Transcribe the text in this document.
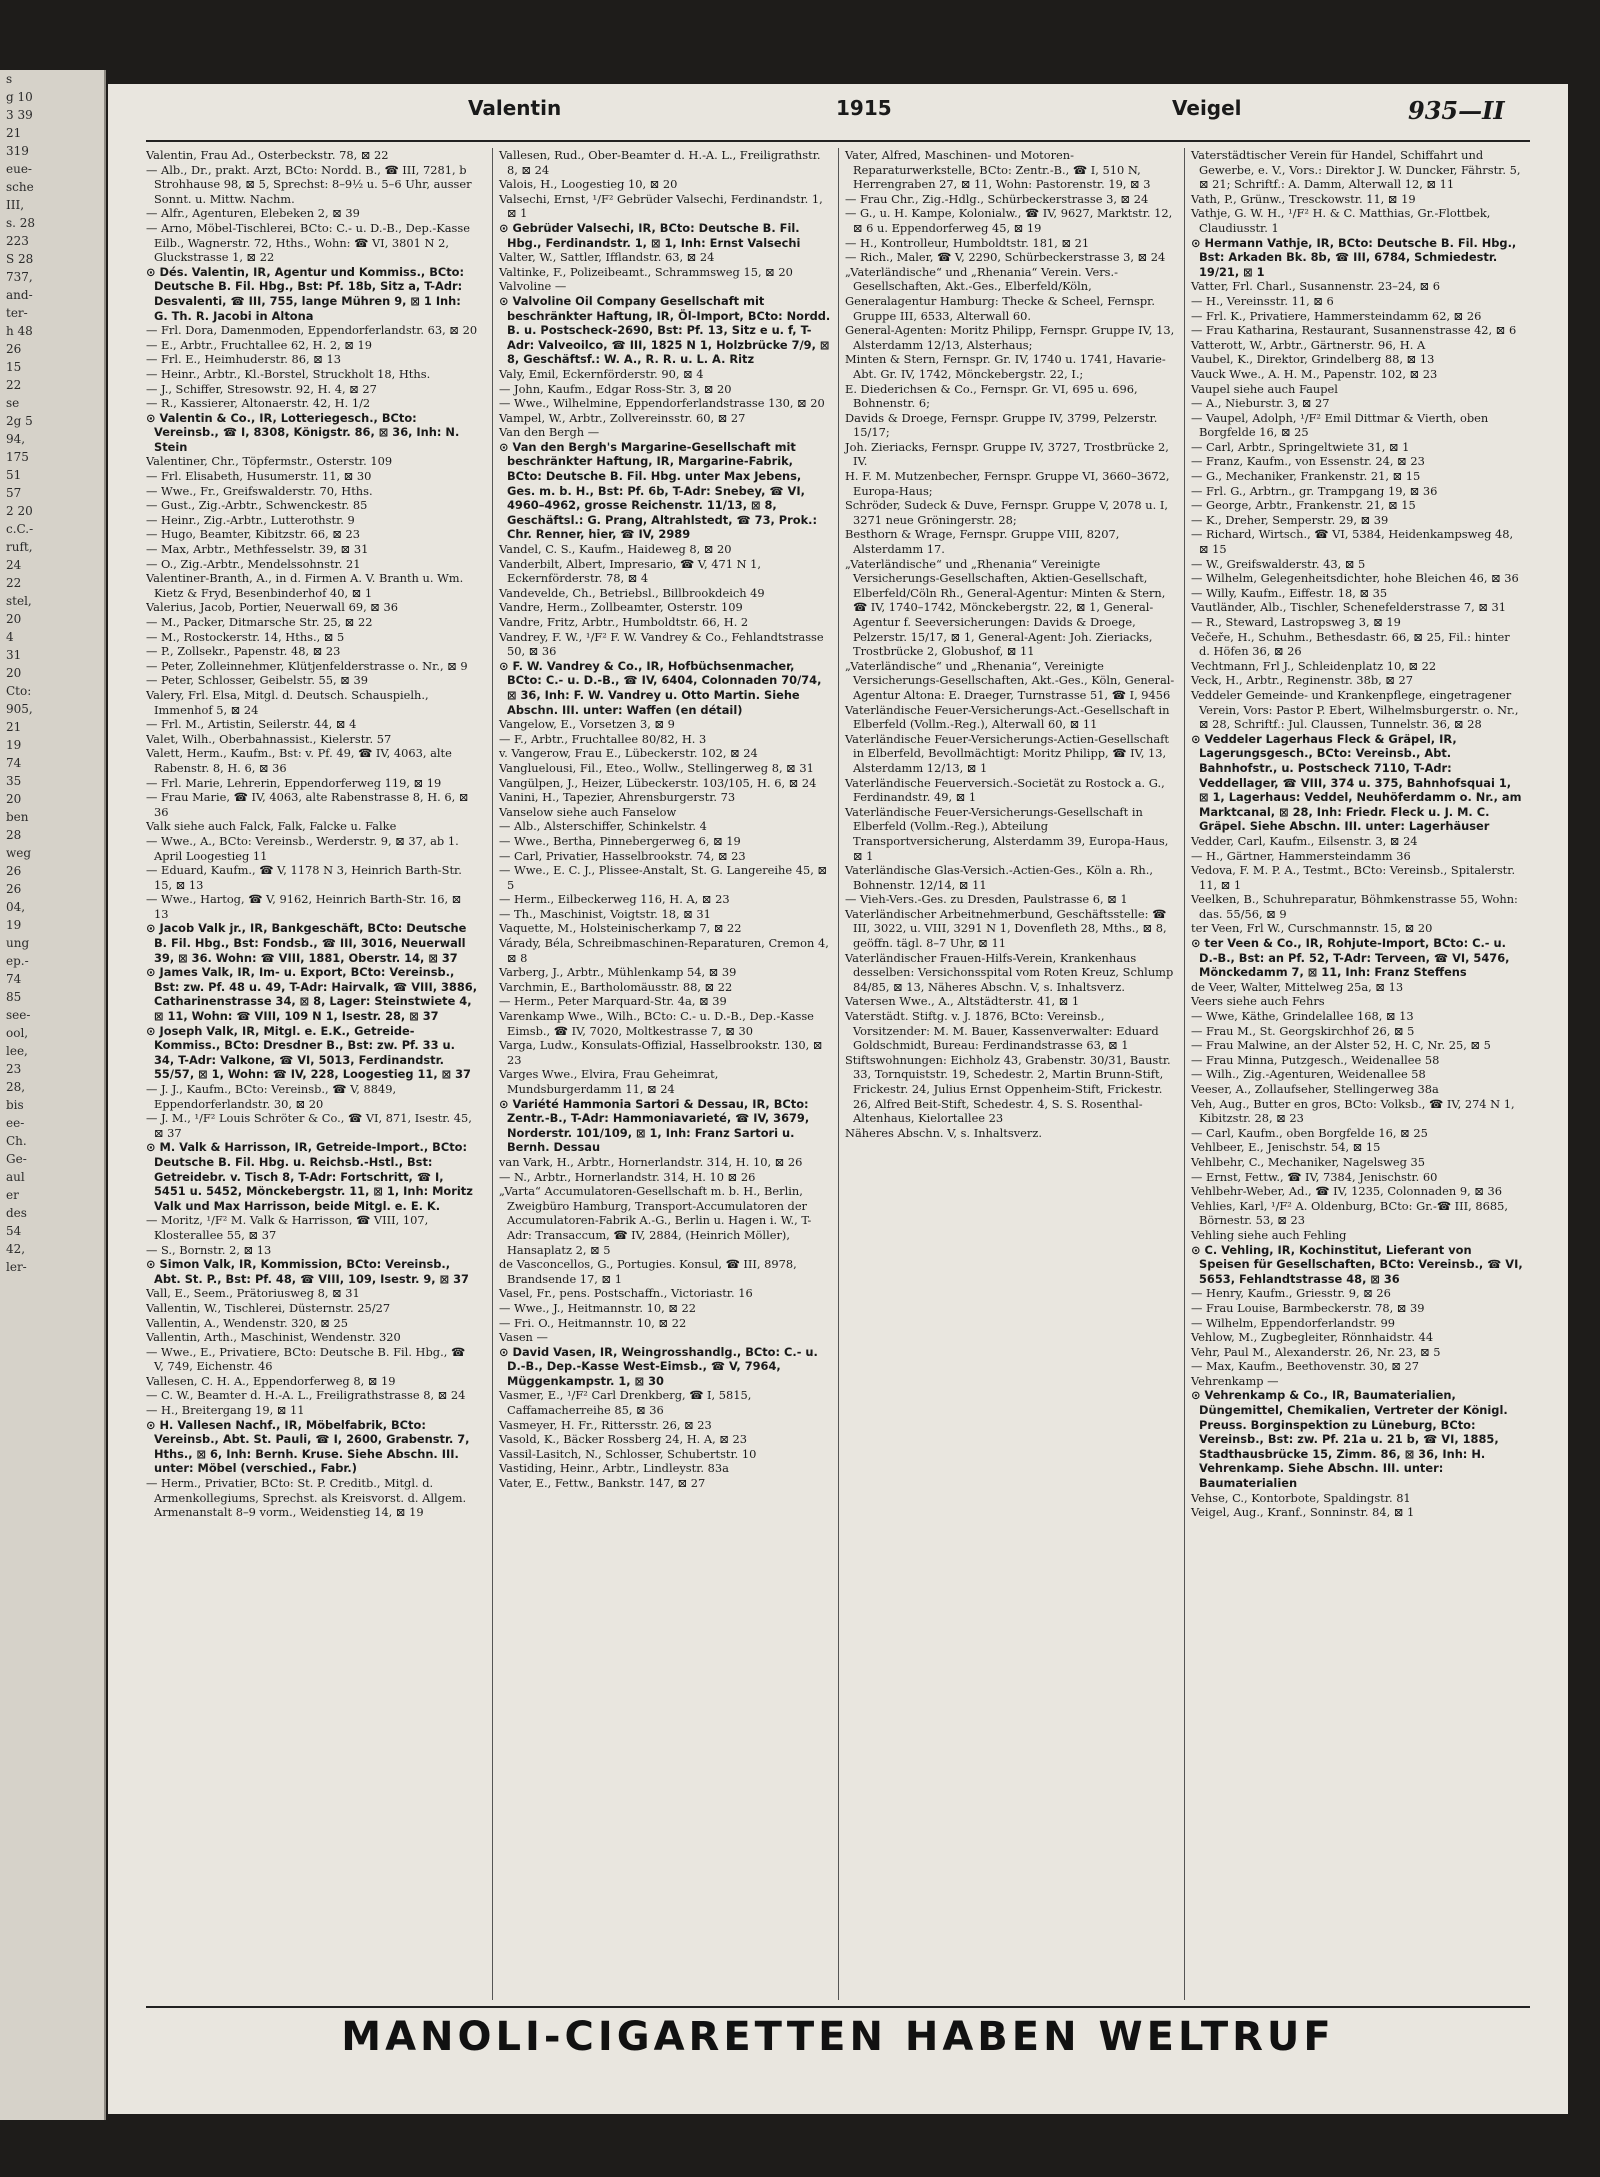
s
g 10
3 39
21
319
eue-
sche
III,
s. 28
223
S 28
737,
and-
ter-
h 48
26
15
22
se
2g 5
94,
175
51
57
2 20
c.C.-
ruft,
24
22
stel,
20
4
31
20
Cto:
905,
21
19
74
35
20
ben
28
weg
26
26
04,
19
ung
ep.-
74
85
see-
ool,
lee,
23
28,
bis
ee-
Ch.
Ge-
aul
er
des
54
42,
ler-
Valentin	1915	Veigel	935—II

Valentin, Frau Ad., Osterbeckstr. 78, ⊠ 22

— Alb., Dr., prakt. Arzt, BCto: Nordd. B., ☎ III, 7281, b Strohhause 98, ⊠ 5, Sprechst: 8–9½ u. 5–6 Uhr, ausser Sonnt. u. Mittw. Nachm.

— Alfr., Agenturen, Elebeken 2, ⊠ 39

— Arno, Möbel-Tischlerei, BCto: C.- u. D.-B., Dep.-Kasse Eilb., Wagnerstr. 72, Hths., Wohn: ☎ VI, 3801 N 2, Gluckstrasse 1, ⊠ 22

⊙ Dés. Valentin, IR, Agentur und Kommiss., BCto: Deutsche B. Fil. Hbg., Bst: Pf. 18b, Sitz a, T-Adr: Desvalenti, ☎ III, 755, lange Mühren 9, ⊠ 1 Inh: G. Th. R. Jacobi in Altona

— Frl. Dora, Damenmoden, Eppendorferlandstr. 63, ⊠ 20

— E., Arbtr., Fruchtallee 62, H. 2, ⊠ 19

— Frl. E., Heimhuderstr. 86, ⊠ 13

— Heinr., Arbtr., Kl.-Borstel, Struckholt 18, Hths.

— J., Schiffer, Stresowstr. 92, H. 4, ⊠ 27

— R., Kassierer, Altonaerstr. 42, H. 1/2

⊙ Valentin & Co., IR, Lotteriegesch., BCto: Vereinsb., ☎ I, 8308, Königstr. 86, ⊠ 36, Inh: N. Stein

Valentiner, Chr., Töpfermstr., Osterstr. 109

— Frl. Elisabeth, Husumerstr. 11, ⊠ 30

— Wwe., Fr., Greifswalderstr. 70, Hths.

— Gust., Zig.-Arbtr., Schwenckestr. 85

— Heinr., Zig.-Arbtr., Lutterothstr. 9

— Hugo, Beamter, Kibitzstr. 66, ⊠ 23

— Max, Arbtr., Methfesselstr. 39, ⊠ 31

— O., Zig.-Arbtr., Mendelssohnstr. 21

Valentiner-Branth, A., in d. Firmen A. V. Branth u. Wm. Kietz & Fryd, Besenbinderhof 40, ⊠ 1

Valerius, Jacob, Portier, Neuerwall 69, ⊠ 36

— M., Packer, Ditmarsche Str. 25, ⊠ 22

— M., Rostockerstr. 14, Hths., ⊠ 5

— P., Zollsekr., Papenstr. 48, ⊠ 23

— Peter, Zolleinnehmer, Klütjenfelderstrasse o. Nr., ⊠ 9

— Peter, Schlosser, Geibelstr. 55, ⊠ 39

Valery, Frl. Elsa, Mitgl. d. Deutsch. Schauspielh., Immenhof 5, ⊠ 24

— Frl. M., Artistin, Seilerstr. 44, ⊠ 4

Valet, Wilh., Oberbahnassist., Kielerstr. 57

Valett, Herm., Kaufm., Bst: v. Pf. 49, ☎ IV, 4063, alte Rabenstr. 8, H. 6, ⊠ 36

— Frl. Marie, Lehrerin, Eppendorferweg 119, ⊠ 19

— Frau Marie, ☎ IV, 4063, alte Rabenstrasse 8, H. 6, ⊠ 36

Valk siehe auch Falck, Falk, Falcke u. Falke

— Wwe., A., BCto: Vereinsb., Werderstr. 9, ⊠ 37, ab 1. April Loogestieg 11

— Eduard, Kaufm., ☎ V, 1178 N 3, Heinrich Barth-Str. 15, ⊠ 13

— Wwe., Hartog, ☎ V, 9162, Heinrich Barth-Str. 16, ⊠ 13

⊙ Jacob Valk jr., IR, Bankgeschäft, BCto: Deutsche B. Fil. Hbg., Bst: Fondsb., ☎ III, 3016, Neuerwall 39, ⊠ 36. Wohn: ☎ VIII, 1881, Oberstr. 14, ⊠ 37

⊙ James Valk, IR, Im- u. Export, BCto: Vereinsb., Bst: zw. Pf. 48 u. 49, T-Adr: Hairvalk, ☎ VIII, 3886, Catharinenstrasse 34, ⊠ 8, Lager: Steinstwiete 4, ⊠ 11, Wohn: ☎ VIII, 109 N 1, Isestr. 28, ⊠ 37

⊙ Joseph Valk, IR, Mitgl. e. E.K., Getreide-Kommiss., BCto: Dresdner B., Bst: zw. Pf. 33 u. 34, T-Adr: Valkone, ☎ VI, 5013, Ferdinandstr. 55/57, ⊠ 1, Wohn: ☎ IV, 228, Loogestieg 11, ⊠ 37

— J. J., Kaufm., BCto: Vereinsb., ☎ V, 8849, Eppendorferlandstr. 30, ⊠ 20

— J. M., ¹/F² Louis Schröter & Co., ☎ VI, 871, Isestr. 45, ⊠ 37

⊙ M. Valk & Harrisson, IR, Getreide-Import., BCto: Deutsche B. Fil. Hbg. u. Reichsb.-Hstl., Bst: Getreidebr. v. Tisch 8, T-Adr: Fortschritt, ☎ I, 5451 u. 5452, Mönckebergstr. 11, ⊠ 1, Inh: Moritz Valk und Max Harrisson, beide Mitgl. e. E. K.

— Moritz, ¹/F² M. Valk & Harrisson, ☎ VIII, 107, Klosterallee 55, ⊠ 37

— S., Bornstr. 2, ⊠ 13

⊙ Simon Valk, IR, Kommission, BCto: Vereinsb., Abt. St. P., Bst: Pf. 48, ☎ VIII, 109, Isestr. 9, ⊠ 37

Vall, E., Seem., Prätoriusweg 8, ⊠ 31

Vallentin, W., Tischlerei, Düsternstr. 25/27

Vallentin, A., Wendenstr. 320, ⊠ 25

Vallentin, Arth., Maschinist, Wendenstr. 320

— Wwe., E., Privatiere, BCto: Deutsche B. Fil. Hbg., ☎ V, 749, Eichenstr. 46

Vallesen, C. H. A., Eppendorferweg 8, ⊠ 19

— C. W., Beamter d. H.-A. L., Freiligrathstrasse 8, ⊠ 24

— H., Breitergang 19, ⊠ 11

⊙ H. Vallesen Nachf., IR, Möbelfabrik, BCto: Vereinsb., Abt. St. Pauli, ☎ I, 2600, Grabenstr. 7, Hths., ⊠ 6, Inh: Bernh. Kruse. Siehe Abschn. III. unter: Möbel (verschied., Fabr.)

— Herm., Privatier, BCto: St. P. Creditb., Mitgl. d. Armenkollegiums, Sprechst. als Kreisvorst. d. Allgem. Armenanstalt 8–9 vorm., Weidenstieg 14, ⊠ 19

Vallesen, Rud., Ober-Beamter d. H.-A. L., Freiligrathstr. 8, ⊠ 24

Valois, H., Loogestieg 10, ⊠ 20

Valsechi, Ernst, ¹/F² Gebrüder Valsechi, Ferdinandstr. 1, ⊠ 1

⊙ Gebrüder Valsechi, IR, BCto: Deutsche B. Fil. Hbg., Ferdinandstr. 1, ⊠ 1, Inh: Ernst Valsechi

Valter, W., Sattler, Ifflandstr. 63, ⊠ 24

Valtinke, F., Polizeibeamt., Schrammsweg 15, ⊠ 20

Valvoline —

⊙ Valvoline Oil Company Gesellschaft mit beschränkter Haftung, IR, Öl-Import, BCto: Nordd. B. u. Postscheck-2690, Bst: Pf. 13, Sitz e u. f, T-Adr: Valveoilco, ☎ III, 1825 N 1, Holzbrücke 7/9, ⊠ 8, Geschäftsf.: W. A., R. R. u. L. A. Ritz

Valy, Emil, Eckernförderstr. 90, ⊠ 4

— John, Kaufm., Edgar Ross-Str. 3, ⊠ 20

— Wwe., Wilhelmine, Eppendorferlandstrasse 130, ⊠ 20

Vampel, W., Arbtr., Zollvereinsstr. 60, ⊠ 27

Van den Bergh —

⊙ Van den Bergh's Margarine-Gesellschaft mit beschränkter Haftung, IR, Margarine-Fabrik, BCto: Deutsche B. Fil. Hbg. unter Max Jebens, Ges. m. b. H., Bst: Pf. 6b, T-Adr: Snebey, ☎ VI, 4960–4962, grosse Reichenstr. 11/13, ⊠ 8, Geschäftsl.: G. Prang, Altrahlstedt, ☎ 73, Prok.: Chr. Renner, hier, ☎ IV, 2989

Vandel, C. S., Kaufm., Haideweg 8, ⊠ 20

Vanderbilt, Albert, Impresario, ☎ V, 471 N 1, Eckernförderstr. 78, ⊠ 4

Vandevelde, Ch., Betriebsl., Billbrookdeich 49

Vandre, Herm., Zollbeamter, Osterstr. 109

Vandre, Fritz, Arbtr., Humboldtstr. 66, H. 2

Vandrey, F. W., ¹/F² F. W. Vandrey & Co., Fehlandtstrasse 50, ⊠ 36

⊙ F. W. Vandrey & Co., IR, Hofbüchsenmacher, BCto: C.- u. D.-B., ☎ IV, 6404, Colonnaden 70/74, ⊠ 36, Inh: F. W. Vandrey u. Otto Martin. Siehe Abschn. III. unter: Waffen (en détail)

Vangelow, E., Vorsetzen 3, ⊠ 9

— F., Arbtr., Fruchtallee 80/82, H. 3

v. Vangerow, Frau E., Lübeckerstr. 102, ⊠ 24

Vangluelousi, Fil., Eteo., Wollw., Stellingerweg 8, ⊠ 31

Vangülpen, J., Heizer, Lübeckerstr. 103/105, H. 6, ⊠ 24

Vanini, H., Tapezier, Ahrensburgerstr. 73

Vanselow siehe auch Fanselow

— Alb., Alsterschiffer, Schinkelstr. 4

— Wwe., Bertha, Pinnebergerweg 6, ⊠ 19

— Carl, Privatier, Hasselbrookstr. 74, ⊠ 23

— Wwe., E. C. J., Plissee-Anstalt, St. G. Langereihe 45, ⊠ 5

— Herm., Eilbeckerweg 116, H. A, ⊠ 23

— Th., Maschinist, Voigtstr. 18, ⊠ 31

Vaquette, M., Holsteinischerkamp 7, ⊠ 22

Várady, Béla, Schreibmaschinen-Reparaturen, Cremon 4, ⊠ 8

Varberg, J., Arbtr., Mühlenkamp 54, ⊠ 39

Varchmin, E., Bartholomäusstr. 88, ⊠ 22

— Herm., Peter Marquard-Str. 4a, ⊠ 39

Varenkamp Wwe., Wilh., BCto: C.- u. D.-B., Dep.-Kasse Eimsb., ☎ IV, 7020, Moltkestrasse 7, ⊠ 30

Varga, Ludw., Konsulats-Offizial, Hasselbrookstr. 130, ⊠ 23

Varges Wwe., Elvira, Frau Geheimrat, Mundsburgerdamm 11, ⊠ 24

⊙ Variété Hammonia Sartori & Dessau, IR, BCto: Zentr.-B., T-Adr: Hammoniavarieté, ☎ IV, 3679, Norderstr. 101/109, ⊠ 1, Inh: Franz Sartori u. Bernh. Dessau

van Vark, H., Arbtr., Hornerlandstr. 314, H. 10, ⊠ 26

— N., Arbtr., Hornerlandstr. 314, H. 10 ⊠ 26

„Varta“ Accumulatoren-Gesellschaft m. b. H., Berlin, Zweigbüro Hamburg, Transport-Accumulatoren der Accumulatoren-Fabrik A.-G., Berlin u. Hagen i. W., T-Adr: Transaccum, ☎ IV, 2884, (Heinrich Möller), Hansaplatz 2, ⊠ 5

de Vasconcellos, G., Portugies. Konsul, ☎ III, 8978, Brandsende 17, ⊠ 1

Vasel, Fr., pens. Postschaffn., Victoriastr. 16

— Wwe., J., Heitmannstr. 10, ⊠ 22

— Fri. O., Heitmannstr. 10, ⊠ 22

Vasen —

⊙ David Vasen, IR, Weingrosshandlg., BCto: C.- u. D.-B., Dep.-Kasse West-Eimsb., ☎ V, 7964, Müggenkampstr. 1, ⊠ 30

Vasmer, E., ¹/F² Carl Drenkberg, ☎ I, 5815, Caffamacherreihe 85, ⊠ 36

Vasmeyer, H. Fr., Rittersstr. 26, ⊠ 23

Vasold, K., Bäcker Rossberg 24, H. A, ⊠ 23

Vassil-Lasitch, N., Schlosser, Schubertstr. 10

Vastiding, Heinr., Arbtr., Lindleystr. 83a

Vater, E., Fettw., Bankstr. 147, ⊠ 27

Vater, Alfred, Maschinen- und Motoren-Reparaturwerkstelle, BCto: Zentr.-B., ☎ I, 510 N, Herrengraben 27, ⊠ 11, Wohn: Pastorenstr. 19, ⊠ 3

— Frau Chr., Zig.-Hdlg., Schürbeckerstrasse 3, ⊠ 24

— G., u. H. Kampe, Kolonialw., ☎ IV, 9627, Marktstr. 12, ⊠ 6 u. Eppendorferweg 45, ⊠ 19

— H., Kontrolleur, Humboldtstr. 181, ⊠ 21

— Rich., Maler, ☎ V, 2290, Schürbeckerstrasse 3, ⊠ 24

„Vaterländische“ und „Rhenania“ Verein. Vers.-Gesellschaften, Akt.-Ges., Elberfeld/Köln,

Generalagentur Hamburg: Thecke & Scheel, Fernspr. Gruppe III, 6533, Alterwall 60.

General-Agenten: Moritz Philipp, Fernspr. Gruppe IV, 13, Alsterdamm 12/13, Alsterhaus;

Minten & Stern, Fernspr. Gr. IV, 1740 u. 1741, Havarie-Abt. Gr. IV, 1742, Mönckebergstr. 22, I.;

E. Diederichsen & Co., Fernspr. Gr. VI, 695 u. 696, Bohnenstr. 6;

Davids & Droege, Fernspr. Gruppe IV, 3799, Pelzerstr. 15/17;

Joh. Zieriacks, Fernspr. Gruppe IV, 3727, Trostbrücke 2, IV.

H. F. M. Mutzenbecher, Fernspr. Gruppe VI, 3660–3672, Europa-Haus;

Schröder, Sudeck & Duve, Fernspr. Gruppe V, 2078 u. I, 3271 neue Gröningerstr. 28;

Besthorn & Wrage, Fernspr. Gruppe VIII, 8207, Alsterdamm 17.

„Vaterländische“ und „Rhenania“ Vereinigte Versicherungs-Gesellschaften, Aktien-Gesellschaft, Elberfeld/Cöln Rh., General-Agentur: Minten & Stern, ☎ IV, 1740–1742, Mönckebergstr. 22, ⊠ 1, General-Agentur f. Seeversicherungen: Davids & Droege, Pelzerstr. 15/17, ⊠ 1, General-Agent: Joh. Zieriacks, Trostbrücke 2, Globushof, ⊠ 11

„Vaterländische“ und „Rhenania“, Vereinigte Versicherungs-Gesellschaften, Akt.-Ges., Köln, General-Agentur Altona: E. Draeger, Turnstrasse 51, ☎ I, 9456

Vaterländische Feuer-Versicherungs-Act.-Gesellschaft in Elberfeld (Vollm.-Reg.), Alterwall 60, ⊠ 11

Vaterländische Feuer-Versicherungs-Actien-Gesellschaft in Elberfeld, Bevollmächtigt: Moritz Philipp, ☎ IV, 13, Alsterdamm 12/13, ⊠ 1

Vaterländische Feuerversich.-Societät zu Rostock a. G., Ferdinandstr. 49, ⊠ 1

Vaterländische Feuer-Versicherungs-Gesellschaft in Elberfeld (Vollm.-Reg.), Abteilung Transportversicherung, Alsterdamm 39, Europa-Haus, ⊠ 1

Vaterländische Glas-Versich.-Actien-Ges., Köln a. Rh., Bohnenstr. 12/14, ⊠ 11

— Vieh-Vers.-Ges. zu Dresden, Paulstrasse 6, ⊠ 1

Vaterländischer Arbeitnehmerbund, Geschäftsstelle: ☎ III, 3022, u. VIII, 3291 N 1, Dovenfleth 28, Mths., ⊠ 8, geöffn. tägl. 8–7 Uhr, ⊠ 11

Vaterländischer Frauen-Hilfs-Verein, Krankenhaus desselben: Versichonsspital vom Roten Kreuz, Schlump 84/85, ⊠ 13, Näheres Abschn. V, s. Inhaltsverz.

Vatersen Wwe., A., Altstädterstr. 41, ⊠ 1

Vaterstädt. Stiftg. v. J. 1876, BCto: Vereinsb., Vorsitzender: M. M. Bauer, Kassenverwalter: Eduard Goldschmidt, Bureau: Ferdinandstrasse 63, ⊠ 1

Stiftswohnungen: Eichholz 43, Grabenstr. 30/31, Baustr. 33, Tornquiststr. 19, Schedestr. 2, Martin Brunn-Stift, Frickestr. 24, Julius Ernst Oppenheim-Stift, Frickestr. 26, Alfred Beit-Stift, Schedestr. 4, S. S. Rosenthal-Altenhaus, Kielortallee 23

Näheres Abschn. V, s. Inhaltsverz.

Vaterstädtischer Verein für Handel, Schiffahrt und Gewerbe, e. V., Vors.: Direktor J. W. Duncker, Fährstr. 5, ⊠ 21; Schriftf.: A. Damm, Alterwall 12, ⊠ 11

Vath, P., Grünw., Tresckowstr. 11, ⊠ 19

Vathje, G. W. H., ¹/F² H. & C. Matthias, Gr.-Flottbek, Claudiusstr. 1

⊙ Hermann Vathje, IR, BCto: Deutsche B. Fil. Hbg., Bst: Arkaden Bk. 8b, ☎ III, 6784, Schmiedestr. 19/21, ⊠ 1

Vatter, Frl. Charl., Susannenstr. 23–24, ⊠ 6

— H., Vereinsstr. 11, ⊠ 6

— Frl. K., Privatiere, Hammersteindamm 62, ⊠ 26

— Frau Katharina, Restaurant, Susannenstrasse 42, ⊠ 6

Vatterott, W., Arbtr., Gärtnerstr. 96, H. A

Vaubel, K., Direktor, Grindelberg 88, ⊠ 13

Vauck Wwe., A. H. M., Papenstr. 102, ⊠ 23

Vaupel siehe auch Faupel

— A., Nieburstr. 3, ⊠ 27

— Vaupel, Adolph, ¹/F² Emil Dittmar & Vierth, oben Borgfelde 16, ⊠ 25

— Carl, Arbtr., Springeltwiete 31, ⊠ 1

— Franz, Kaufm., von Essenstr. 24, ⊠ 23

— G., Mechaniker, Frankenstr. 21, ⊠ 15

— Frl. G., Arbtrn., gr. Trampgang 19, ⊠ 36

— George, Arbtr., Frankenstr. 21, ⊠ 15

— K., Dreher, Semperstr. 29, ⊠ 39

— Richard, Wirtsch., ☎ VI, 5384, Heidenkampsweg 48, ⊠ 15

— W., Greifswalderstr. 43, ⊠ 5

— Wilhelm, Gelegenheitsdichter, hohe Bleichen 46, ⊠ 36

— Willy, Kaufm., Eiffestr. 18, ⊠ 35

Vautländer, Alb., Tischler, Schenefelderstrasse 7, ⊠ 31

— R., Steward, Lastropsweg 3, ⊠ 19

Večeře, H., Schuhm., Bethesdastr. 66, ⊠ 25, Fil.: hinter d. Höfen 36, ⊠ 26

Vechtmann, Frl J., Schleidenplatz 10, ⊠ 22

Veck, H., Arbtr., Reginenstr. 38b, ⊠ 27

Veddeler Gemeinde- und Krankenpflege, eingetragener Verein, Vors: Pastor P. Ebert, Wilhelmsburgerstr. o. Nr., ⊠ 28, Schriftf.: Jul. Claussen, Tunnelstr. 36, ⊠ 28

⊙ Veddeler Lagerhaus Fleck & Gräpel, IR, Lagerungsgesch., BCto: Vereinsb., Abt. Bahnhofstr., u. Postscheck 7110, T-Adr: Veddellager, ☎ VIII, 374 u. 375, Bahnhofsquai 1, ⊠ 1, Lagerhaus: Veddel, Neuhöferdamm o. Nr., am Marktcanal, ⊠ 28, Inh: Friedr. Fleck u. J. M. C. Gräpel. Siehe Abschn. III. unter: Lagerhäuser

Vedder, Carl, Kaufm., Eilsenstr. 3, ⊠ 24

— H., Gärtner, Hammersteindamm 36

Vedova, F. M. P. A., Testmt., BCto: Vereinsb., Spitalerstr. 11, ⊠ 1

Veelken, B., Schuhreparatur, Böhmkenstrasse 55, Wohn: das. 55/56, ⊠ 9

ter Veen, Frl W., Curschmannstr. 15, ⊠ 20

⊙ ter Veen & Co., IR, Rohjute-Import, BCto: C.- u. D.-B., Bst: an Pf. 52, T-Adr: Terveen, ☎ VI, 5476, Mönckedamm 7, ⊠ 11, Inh: Franz Steffens

de Veer, Walter, Mittelweg 25a, ⊠ 13

Veers siehe auch Fehrs

— Wwe, Käthe, Grindelallee 168, ⊠ 13

— Frau M., St. Georgskirchhof 26, ⊠ 5

— Frau Malwine, an der Alster 52, H. C, Nr. 25, ⊠ 5

— Frau Minna, Putzgesch., Weidenallee 58

— Wilh., Zig.-Agenturen, Weidenallee 58

Veeser, A., Zollaufseher, Stellingerweg 38a

Veh, Aug., Butter en gros, BCto: Volksb., ☎ IV, 274 N 1, Kibitzstr. 28, ⊠ 23

— Carl, Kaufm., oben Borgfelde 16, ⊠ 25

Vehlbeer, E., Jenischstr. 54, ⊠ 15

Vehlbehr, C., Mechaniker, Nagelsweg 35

— Ernst, Fettw., ☎ IV, 7384, Jenischstr. 60

Vehlbehr-Weber, Ad., ☎ IV, 1235, Colonnaden 9, ⊠ 36

Vehlies, Karl, ¹/F² A. Oldenburg, BCto: Gr.-☎ III, 8685, Börnestr. 53, ⊠ 23

Vehling siehe auch Fehling

⊙ C. Vehling, IR, Kochinstitut, Lieferant von Speisen für Gesellschaften, BCto: Vereinsb., ☎ VI, 5653, Fehlandtstrasse 48, ⊠ 36

— Henry, Kaufm., Griesstr. 9, ⊠ 26

— Frau Louise, Barmbeckerstr. 78, ⊠ 39

— Wilhelm, Eppendorferlandstr. 99

Vehlow, M., Zugbegleiter, Rönnhaidstr. 44

Vehr, Paul M., Alexanderstr. 26, Nr. 23, ⊠ 5

— Max, Kaufm., Beethovenstr. 30, ⊠ 27

Vehrenkamp —

⊙ Vehrenkamp & Co., IR, Baumaterialien, Düngemittel, Chemikalien, Vertreter der Königl. Preuss. Borginspektion zu Lüneburg, BCto: Vereinsb., Bst: zw. Pf. 21a u. 21 b, ☎ VI, 1885, Stadthausbrücke 15, Zimm. 86, ⊠ 36, Inh: H. Vehrenkamp. Siehe Abschn. III. unter: Baumaterialien

Vehse, C., Kontorbote, Spaldingstr. 81

Veigel, Aug., Kranf., Sonninstr. 84, ⊠ 1

MANOLI-CIGARETTEN HABEN WELTRUF
